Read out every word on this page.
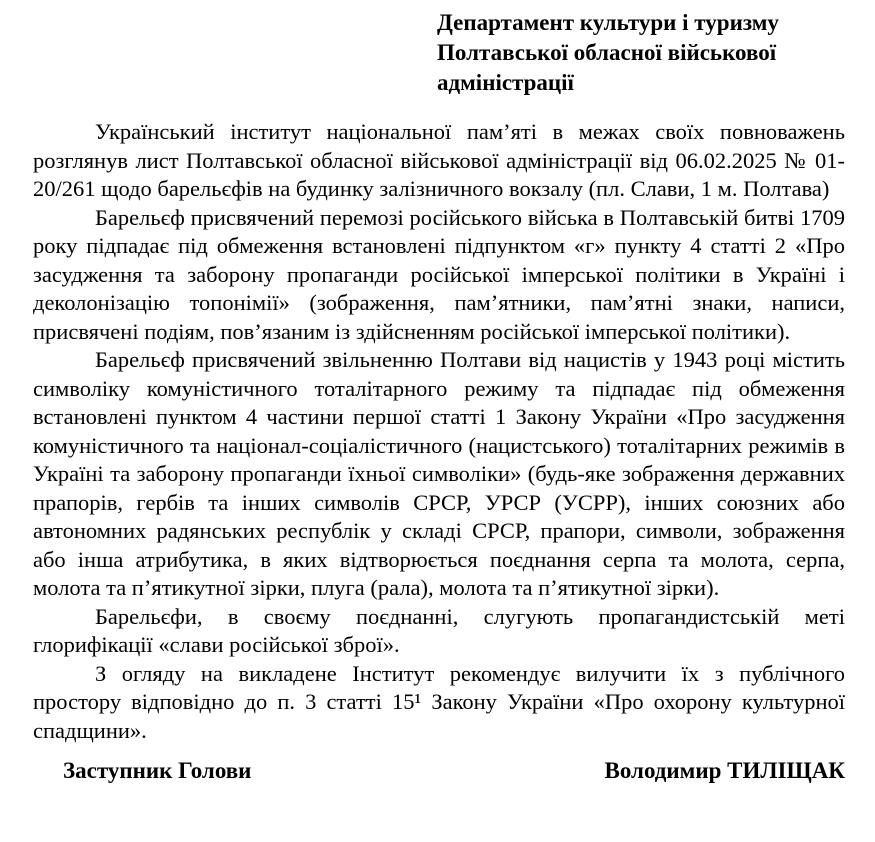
Департамент культури і туризму
Полтавської обласної військової
адміністрації

Український інститут національної пам’яті в межах своїх повноважень розглянув лист Полтавської обласної військової адміністрації від 06.02.2025 № 01-20/261 щодо барельєфів на будинку залізничного вокзалу (пл. Слави, 1 м. Полтава)

Барельєф присвячений перемозі російського війська в Полтавській битві 1709 року підпадає під обмеження встановлені підпунктом «г» пункту 4 статті 2 «Про засудження та заборону пропаганди російської імперської політики в Україні і деколонізацію топонімії» (зображення, пам’ятники, пам’ятні знаки, написи, присвячені подіям, пов’язаним із здійсненням російської імперської політики).

Барельєф присвячений звільненню Полтави від нацистів у 1943 році містить символіку комуністичного тоталітарного режиму та підпадає під обмеження встановлені пунктом 4 частини першої статті 1 Закону України «Про засудження комуністичного та націонал-соціалістичного (нацистського) тоталітарних режимів в Україні та заборону пропаганди їхньої символіки» (будь-яке зображення державних прапорів, гербів та інших символів СРСР, УРСР (УСРР), інших союзних або автономних радянських республік у складі СРСР, прапори, символи, зображення або інша атрибутика, в яких відтворюється поєднання серпа та молота, серпа, молота та п’ятикутної зірки, плуга (рала), молота та п’ятикутної зірки).

Барельєфи, в своєму поєднанні, слугують пропагандистській меті глорифікації «слави російської зброї».

З огляду на викладене Інститут рекомендує вилучити їх з публічного простору відповідно до п. 3 статті 15¹ Закону України «Про охорону культурної спадщини».

Заступник Голови	Володимир ТИЛІЩАК
